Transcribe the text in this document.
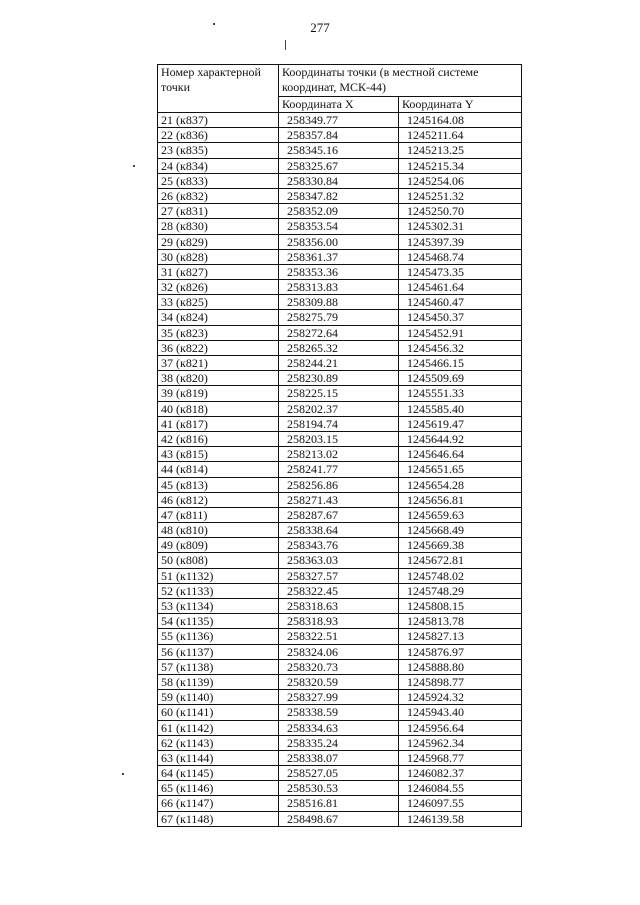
277
Номер характерной точки	Координаты точки (в местной системе координат, МСК-44)	
	Координата X	Координата Y
21 (к837)	258349.77	1245164.08
22 (к836)	258357.84	1245211.64
23 (к835)	258345.16	1245213.25
24 (к834)	258325.67	1245215.34
25 (к833)	258330.84	1245254.06
26 (к832)	258347.82	1245251.32
27 (к831)	258352.09	1245250.70
28 (к830)	258353.54	1245302.31
29 (к829)	258356.00	1245397.39
30 (к828)	258361.37	1245468.74
31 (к827)	258353.36	1245473.35
32 (к826)	258313.83	1245461.64
33 (к825)	258309.88	1245460.47
34 (к824)	258275.79	1245450.37
35 (к823)	258272.64	1245452.91
36 (к822)	258265.32	1245456.32
37 (к821)	258244.21	1245466.15
38 (к820)	258230.89	1245509.69
39 (к819)	258225.15	1245551.33
40 (к818)	258202.37	1245585.40
41 (к817)	258194.74	1245619.47
42 (к816)	258203.15	1245644.92
43 (к815)	258213.02	1245646.64
44 (к814)	258241.77	1245651.65
45 (к813)	258256.86	1245654.28
46 (к812)	258271.43	1245656.81
47 (к811)	258287.67	1245659.63
48 (к810)	258338.64	1245668.49
49 (к809)	258343.76	1245669.38
50 (к808)	258363.03	1245672.81
51 (к1132)	258327.57	1245748.02
52 (к1133)	258322.45	1245748.29
53 (к1134)	258318.63	1245808.15
54 (к1135)	258318.93	1245813.78
55 (к1136)	258322.51	1245827.13
56 (к1137)	258324.06	1245876.97
57 (к1138)	258320.73	1245888.80
58 (к1139)	258320.59	1245898.77
59 (к1140)	258327.99	1245924.32
60 (к1141)	258338.59	1245943.40
61 (к1142)	258334.63	1245956.64
62 (к1143)	258335.24	1245962.34
63 (к1144)	258338.07	1245968.77
64 (к1145)	258527.05	1246082.37
65 (к1146)	258530.53	1246084.55
66 (к1147)	258516.81	1246097.55
67 (к1148)	258498.67	1246139.58
